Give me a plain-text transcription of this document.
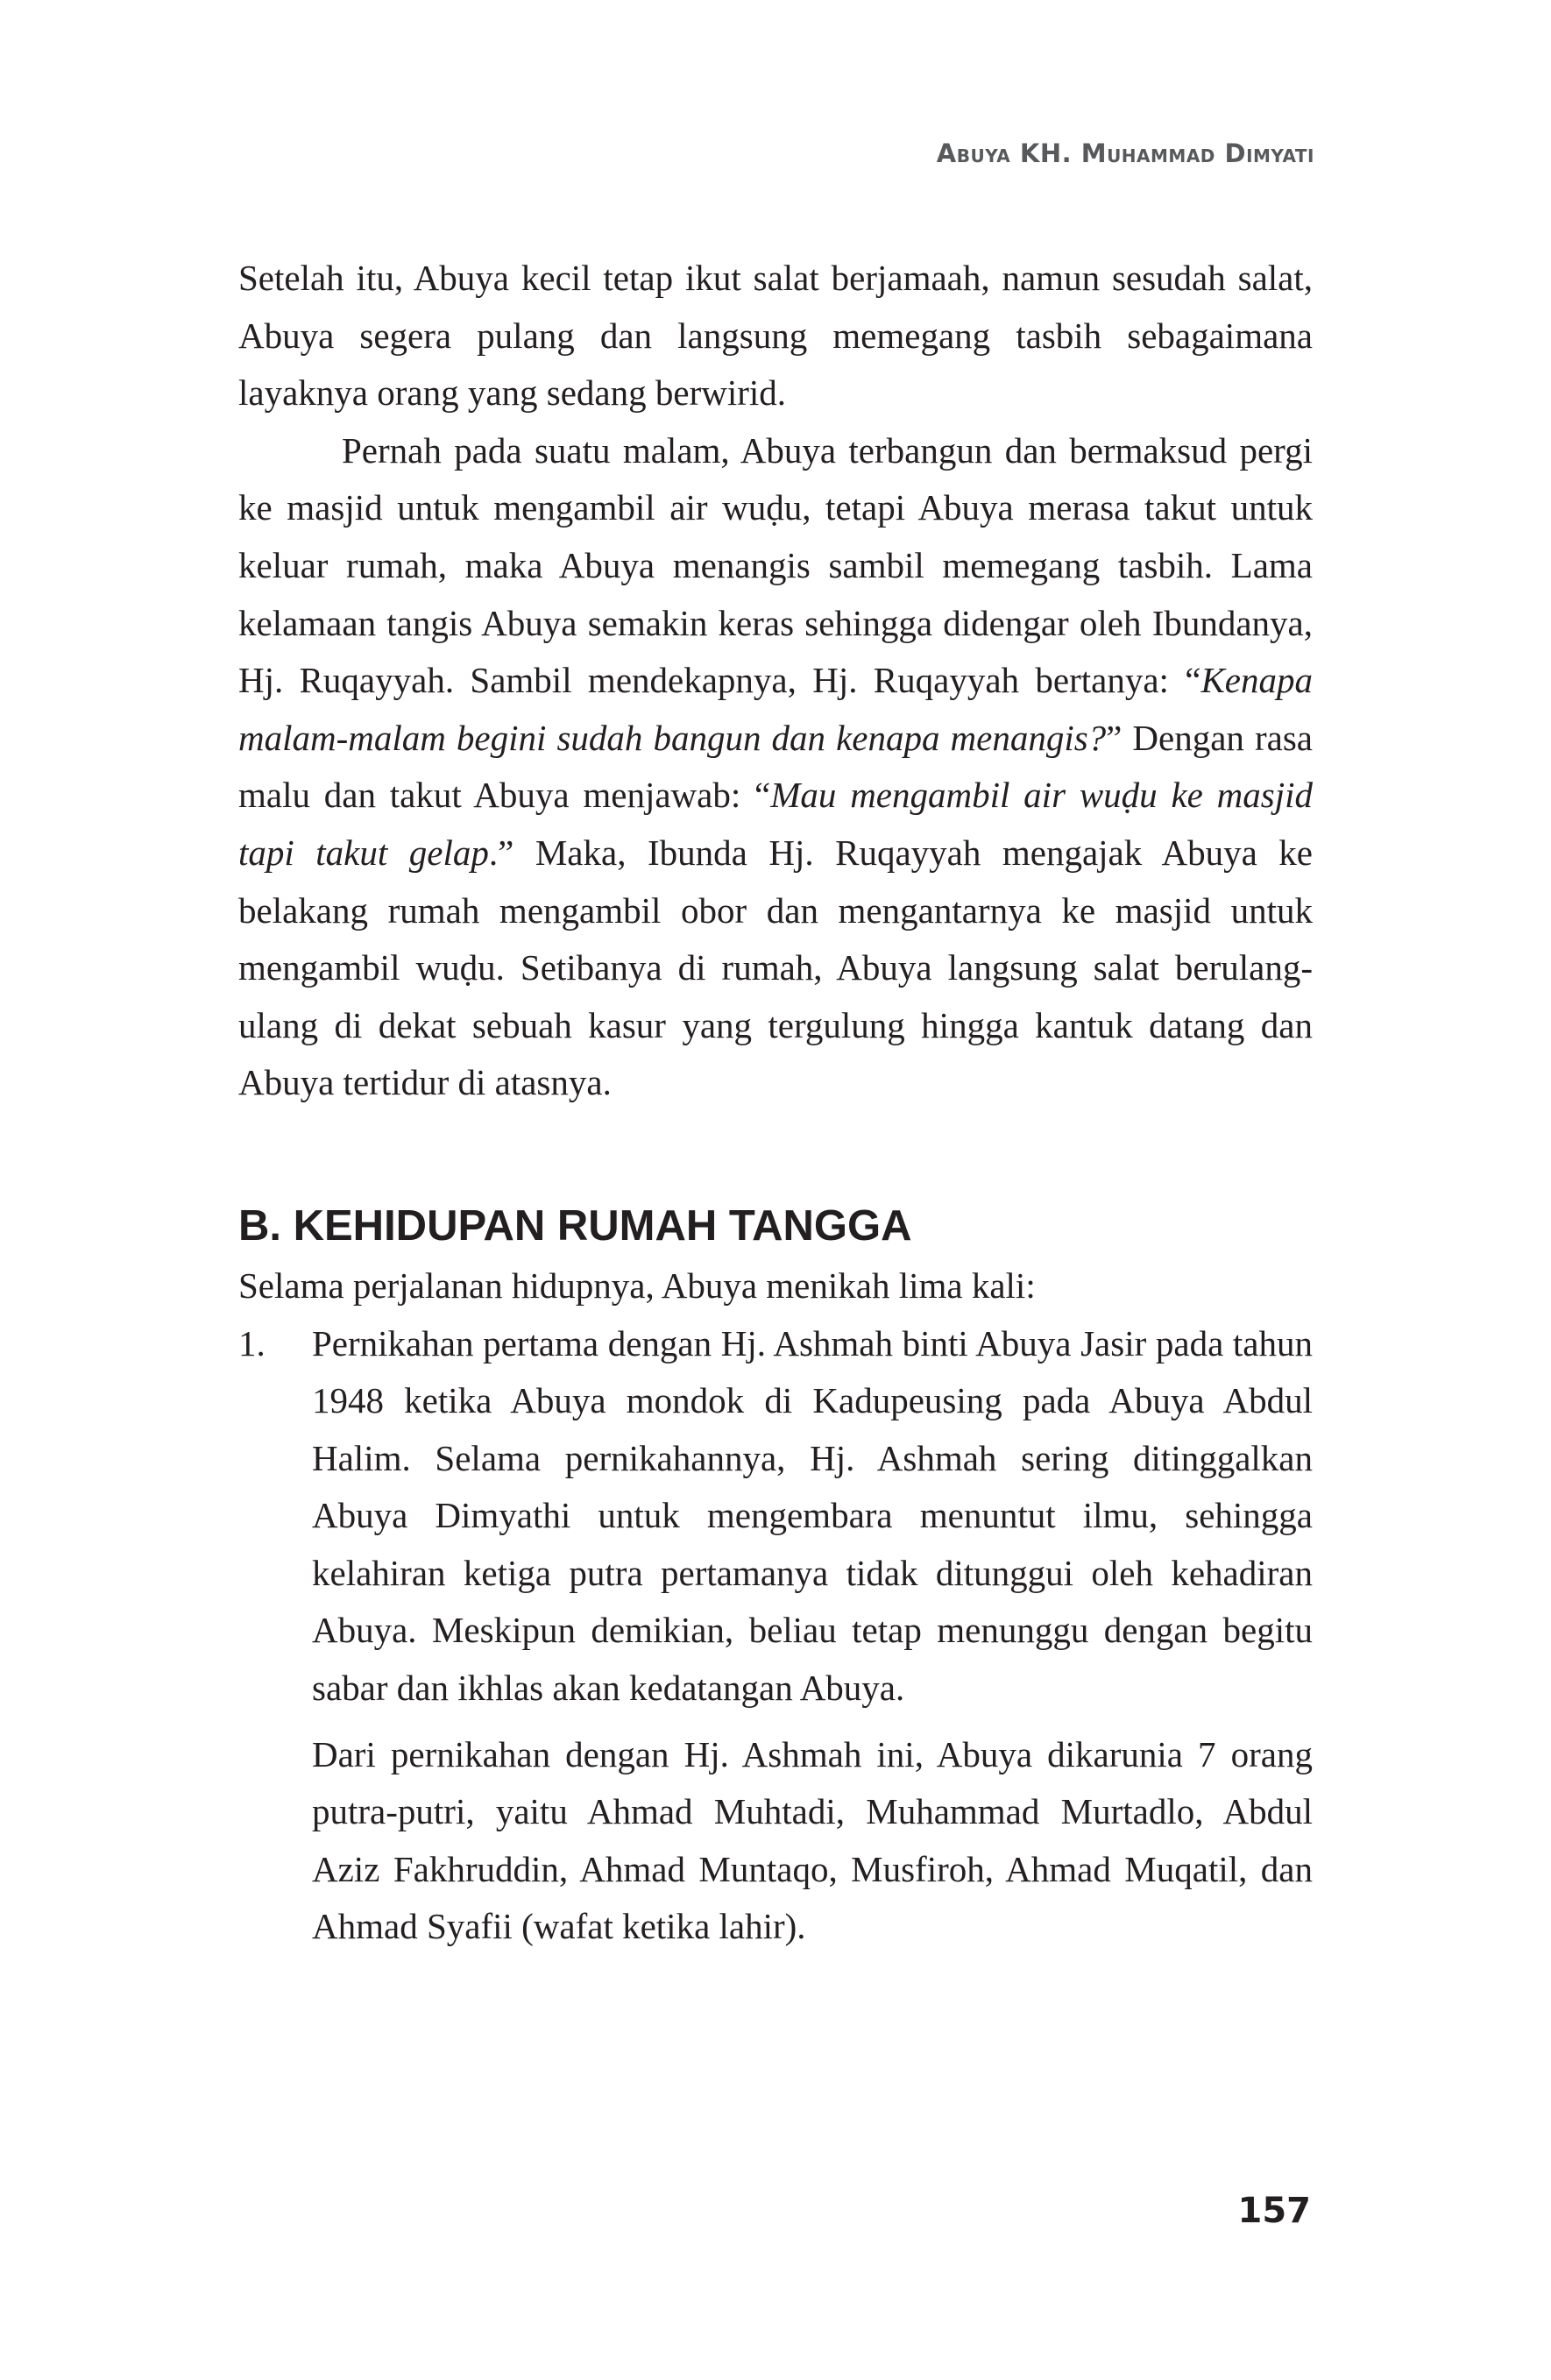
Abuya KH. Muhammad Dimyati

Setelah itu, Abuya kecil tetap ikut salat berjamaah, namun sesudah salat, Abuya segera pulang dan langsung memegang tasbih sebagaimana layaknya orang yang sedang berwirid.

Pernah pada suatu malam, Abuya terbangun dan bermaksud pergi ke masjid untuk mengambil air wuḍu, tetapi Abuya merasa takut untuk keluar rumah, maka Abuya menangis sambil memegang tasbih. Lama kelamaan tangis Abuya semakin keras sehingga didengar oleh Ibundanya, Hj. Ruqayyah. Sambil mendekapnya, Hj. Ruqayyah bertanya: “Kenapa malam-malam begini sudah bangun dan kenapa menangis?” Dengan rasa malu dan takut Abuya menjawab: “Mau mengambil air wuḍu ke masjid tapi takut gelap.” Maka, Ibunda Hj. Ruqayyah mengajak Abuya ke belakang rumah mengambil obor dan mengantarnya ke masjid untuk mengambil wuḍu. Setibanya di rumah, Abuya langsung salat berulang-ulang di dekat sebuah kasur yang tergulung hingga kantuk datang dan Abuya tertidur di atasnya.

B. KEHIDUPAN RUMAH TANGGA

Selama perjalanan hidupnya, Abuya menikah lima kali:

1.	Pernikahan pertama dengan Hj. Ashmah binti Abuya Jasir pada tahun 1948 ketika Abuya mondok di Kadupeusing pada Abuya Abdul Halim. Selama pernikahannya, Hj. Ashmah sering ditinggalkan Abuya Dimyathi untuk mengembara menuntut ilmu, sehingga kelahiran ketiga putra pertamanya tidak ditunggui oleh kehadiran Abuya. Meskipun demikian, beliau tetap menunggu dengan begitu sabar dan ikhlas akan kedatangan Abuya.

Dari pernikahan dengan Hj. Ashmah ini, Abuya dikarunia 7 orang putra-putri, yaitu Ahmad Muhtadi, Muhammad Murtadlo, Abdul Aziz Fakhruddin, Ahmad Muntaqo, Musfiroh, Ahmad Muqatil, dan Ahmad Syafii (wafat ketika lahir).

157
